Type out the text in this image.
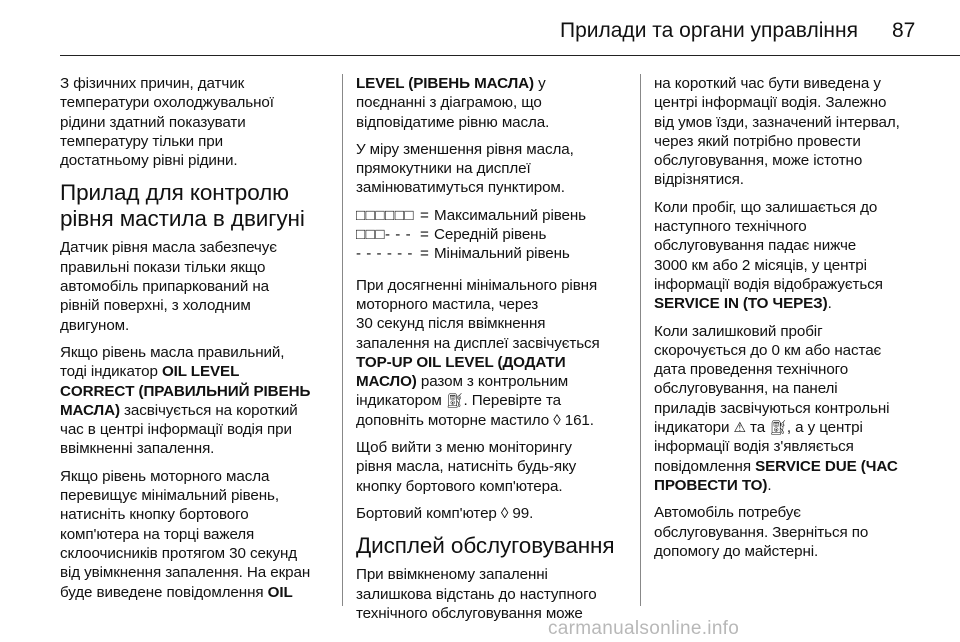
Прилади та органи управління 87

З фізичних причин, датчик
температури охолоджувальної
рідини здатний показувати
температуру тільки при
достатньому рівні рідини.

Прилад для контролю
рівня мастила в двигуні

Датчик рівня масла забезпечує
правильні покази тільки якщо
автомобіль припаркований на
рівній поверхні, з холодним
двигуном.

Якщо рівень масла правильний,
тоді індикатор OIL LEVEL
CORRECT (ПРАВИЛЬНИЙ РІВЕНЬ
МАСЛА) засвічується на короткий
час в центрі інформації водія при
ввімкненні запалення.

Якщо рівень моторного масла
перевищує мінімальний рівень,
натисніть кнопку бортового
комп'ютера на торці важеля
склоочисників протягом 30 секунд
від увімкнення запалення. На екран
буде виведене повідомлення OIL

LEVEL (РІВЕНЬ МАСЛА) у
поєднанні з діаграмою, що
відповідатиме рівню масла.

У міру зменшення рівня масла,
прямокутники на дисплеї
замінюватимуться пунктиром.

□□□□□□ = Максимальний рівень
□□□- - - = Середній рівень
- - - - - - = Мінімальний рівень

При досягненні мінімального рівня
моторного мастила, через
30 секунд після ввімкнення
запалення на дисплеї засвічується
TOP-UP OIL LEVEL (ДОДАТИ
МАСЛО) разом з контрольним
індикатором ⛽︎. Перевірте та
доповніть моторне мастило ◊ 161.

Щоб вийти з меню моніторингу
рівня масла, натисніть будь-яку
кнопку бортового комп'ютера.

Бортовий комп'ютер ◊ 99.

Дисплей обслуговування

При ввімкненому запаленні
залишкова відстань до наступного
технічного обслуговування може

на короткий час бути виведена у
центрі інформації водія. Залежно
від умов їзди, зазначений інтервал,
через який потрібно провести
обслуговування, може істотно
відрізнятися.

Коли пробіг, що залишається до
наступного технічного
обслуговування падає нижче
3000 км або 2 місяців, у центрі
інформації водія відображується
SERVICE IN (ТО ЧЕРЕЗ).

Коли залишковий пробіг
скорочується до 0 км або настає
дата проведення технічного
обслуговування, на панелі
приладів засвічуються контрольні
індикатори ⚠ та ⛽︎, а у центрі
інформації водія з'являється
повідомлення SERVICE DUE (ЧАС
ПРОВЕСТИ ТО).

Автомобіль потребує
обслуговування. Зверніться по
допомогу до майстерні.

carmanualsonline.info
